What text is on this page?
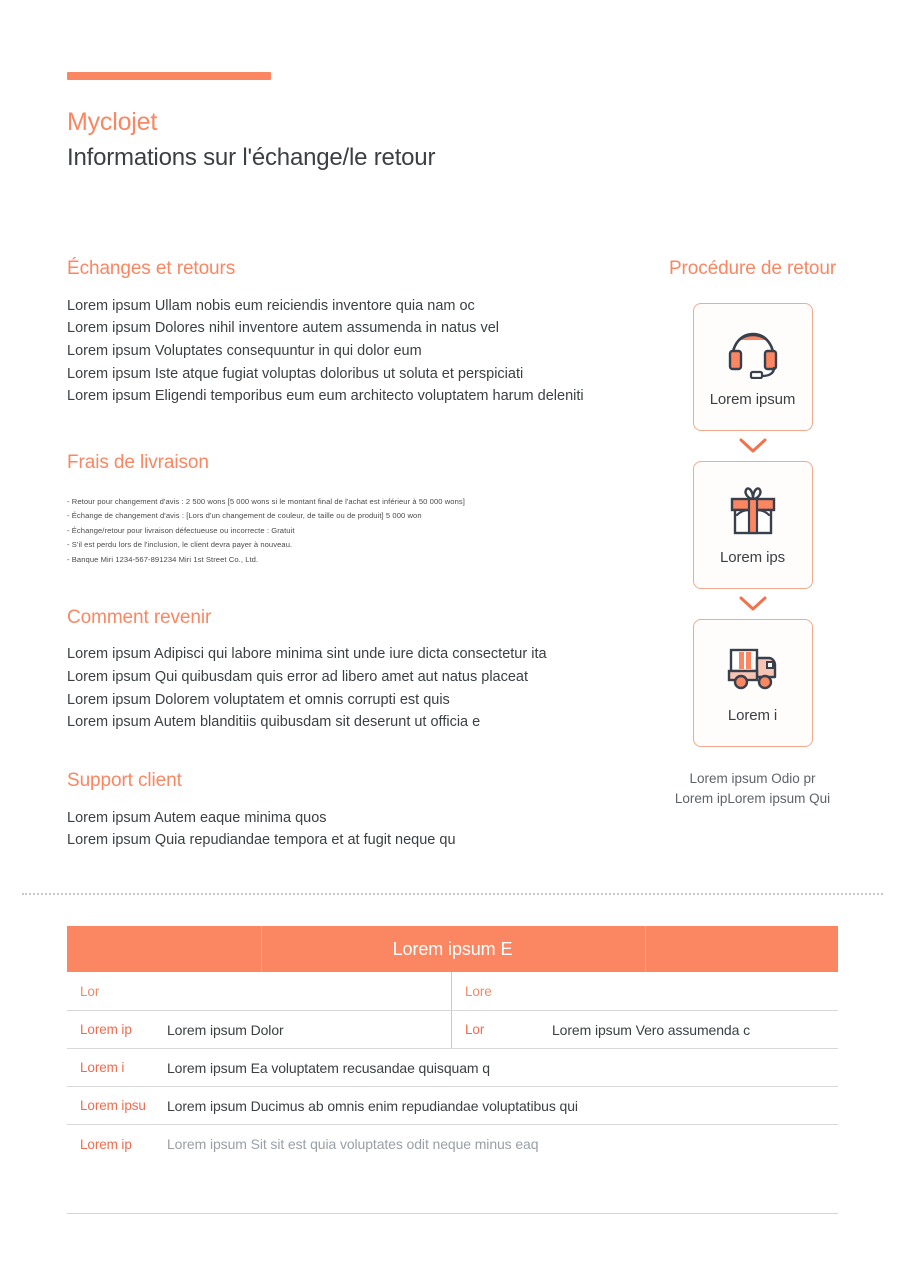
Myclojet
Informations sur l'échange/le retour
Échanges et retours
Lorem ipsum Ullam nobis eum reiciendis inventore quia nam oc
Lorem ipsum Dolores nihil inventore autem assumenda in natus vel
Lorem ipsum Voluptates consequuntur in qui dolor eum
Lorem ipsum Iste atque fugiat voluptas doloribus ut soluta et perspiciati
Lorem ipsum Eligendi temporibus eum eum architecto voluptatem harum deleniti
Frais de livraison
- Retour pour changement d'avis : 2 500 wons [5 000 wons si le montant final de l'achat est inférieur à 50 000 wons]
- Échange de changement d'avis : [Lors d'un changement de couleur, de taille ou de produit] 5 000 won
- Échange/retour pour livraison défectueuse ou incorrecte : Gratuit
- S'il est perdu lors de l'inclusion, le client devra payer à nouveau.
- Banque Miri 1234-567-891234 Miri 1st Street Co., Ltd.
Comment revenir
Lorem ipsum Adipisci qui labore minima sint unde iure dicta consectetur ita
Lorem ipsum Qui quibusdam quis error ad libero amet aut natus placeat
Lorem ipsum Dolorem voluptatem et omnis corrupti est quis
Lorem ipsum Autem blanditiis quibusdam sit deserunt ut officia e
Support client
Lorem ipsum Autem eaque minima quos
Lorem ipsum Quia repudiandae tempora et at fugit neque qu
Procédure de retour
Lorem ipsum
Lorem ips
Lorem i
Lorem ipsum Odio pr
Lorem ipLorem ipsum Qui
Lorem ipsum E
Lor	Lore
Lorem ip	Lorem ipsum Dolor	Lor	Lorem ipsum Vero assumenda c
Lorem i	Lorem ipsum Ea voluptatem recusandae quisquam q
Lorem ipsu	Lorem ipsum Ducimus ab omnis enim repudiandae voluptatibus qui
Lorem ip	Lorem ipsum Sit sit est quia voluptates odit neque minus eaq
